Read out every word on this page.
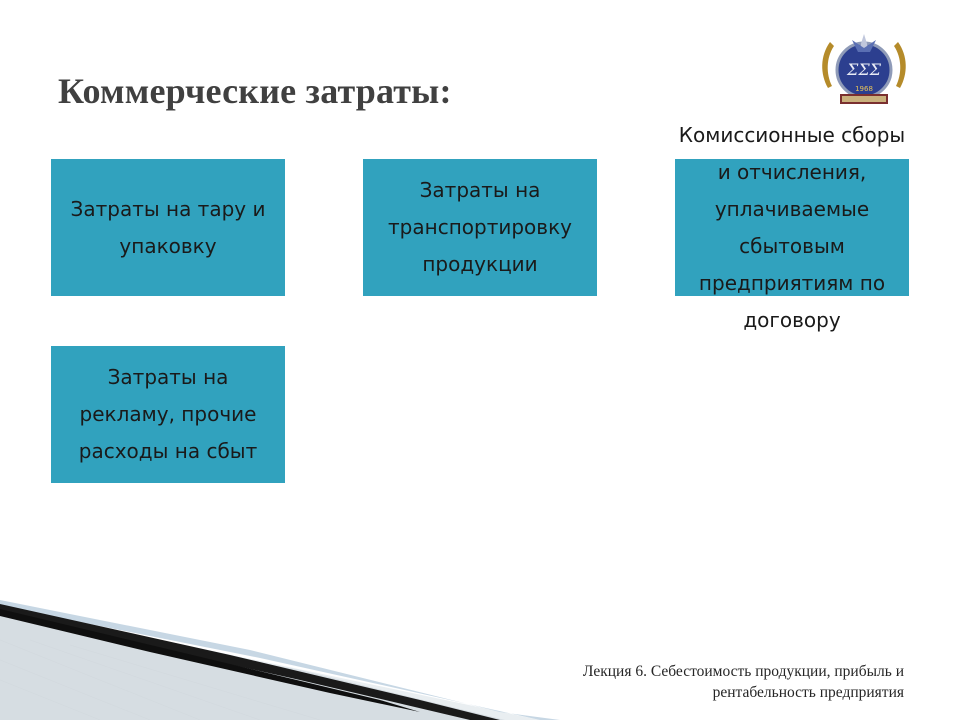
Коммерческие затраты:
ΣΣΣ
1968
Затраты на тару и упаковку
Затраты на транспортировку продукции
Комиссионные сборы и отчисления, уплачиваемые сбытовым предприятиям по договору
Затраты на рекламу, прочие расходы на сбыт
Лекция 6. Себестоимость продукции, прибыль и
рентабельность предприятия
